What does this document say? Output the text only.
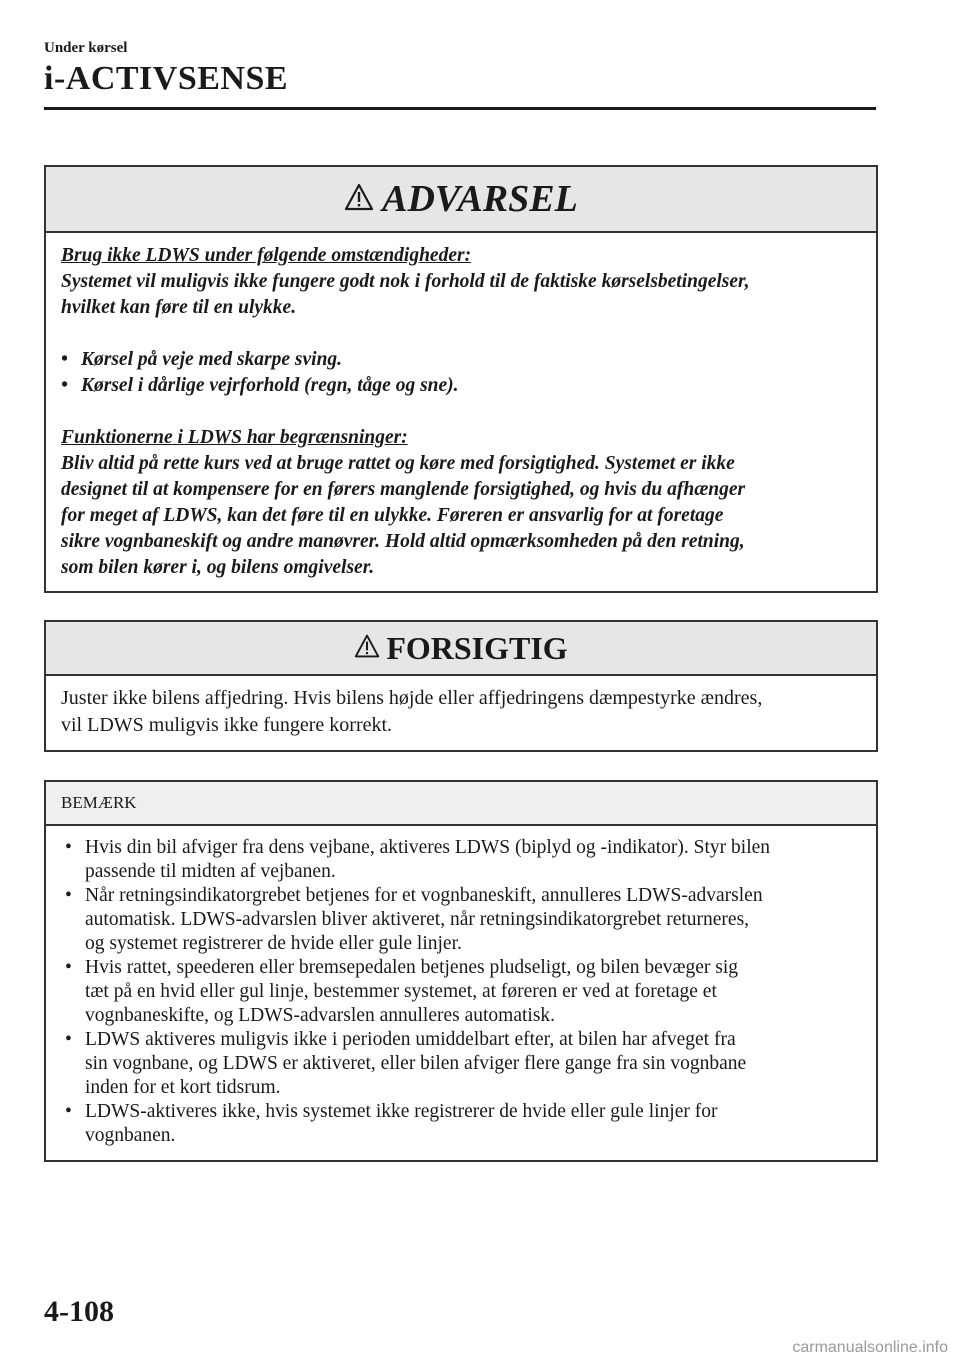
Under kørsel
i-ACTIVSENSE
ADVARSEL
Brug ikke LDWS under følgende omstændigheder:
Systemet vil muligvis ikke fungere godt nok i forhold til de faktiske kørselsbetingelser,
hvilket kan føre til en ulykke.
• Kørsel på veje med skarpe sving.
• Kørsel i dårlige vejrforhold (regn, tåge og sne).
Funktionerne i LDWS har begrænsninger:
Bliv altid på rette kurs ved at bruge rattet og køre med forsigtighed. Systemet er ikke
designet til at kompensere for en førers manglende forsigtighed, og hvis du afhænger
for meget af LDWS, kan det føre til en ulykke. Føreren er ansvarlig for at foretage
sikre vognbaneskift og andre manøvrer. Hold altid opmærksomheden på den retning,
som bilen kører i, og bilens omgivelser.
FORSIGTIG
Juster ikke bilens affjedring. Hvis bilens højde eller affjedringens dæmpestyrke ændres,
vil LDWS muligvis ikke fungere korrekt.
BEMÆRK
• Hvis din bil afviger fra dens vejbane, aktiveres LDWS (biplyd og -indikator). Styr bilen
passende til midten af vejbanen.
• Når retningsindikatorgrebet betjenes for et vognbaneskift, annulleres LDWS-advarslen
automatisk. LDWS-advarslen bliver aktiveret, når retningsindikatorgrebet returneres,
og systemet registrerer de hvide eller gule linjer.
• Hvis rattet, speederen eller bremsepedalen betjenes pludseligt, og bilen bevæger sig
tæt på en hvid eller gul linje, bestemmer systemet, at føreren er ved at foretage et
vognbaneskifte, og LDWS-advarslen annulleres automatisk.
• LDWS aktiveres muligvis ikke i perioden umiddelbart efter, at bilen har afveget fra
sin vognbane, og LDWS er aktiveret, eller bilen afviger flere gange fra sin vognbane
inden for et kort tidsrum.
• LDWS-aktiveres ikke, hvis systemet ikke registrerer de hvide eller gule linjer for
vognbanen.
4-108
carmanualsonline.info
